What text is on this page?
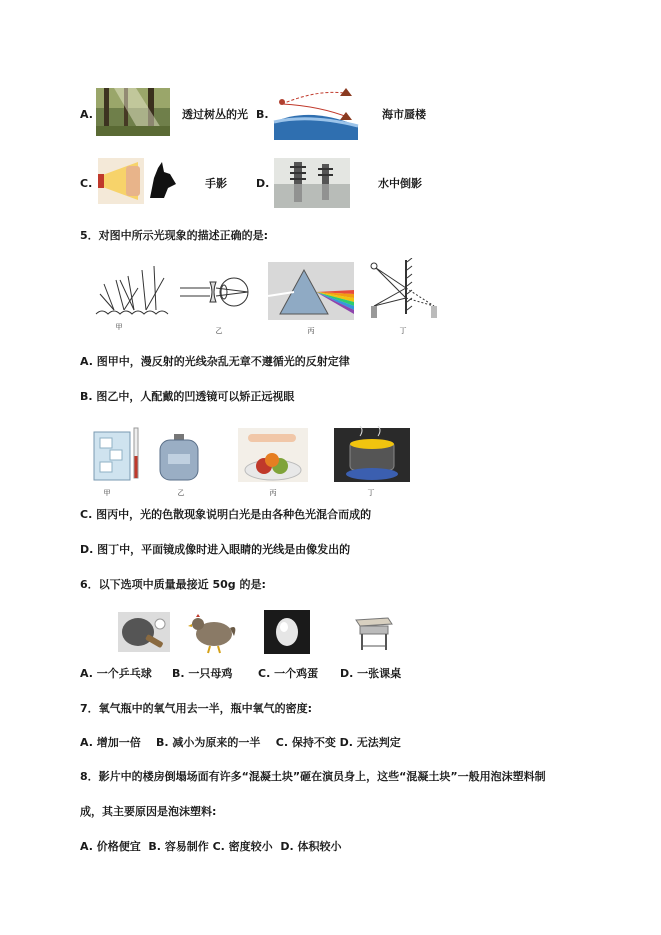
A.	透过树丛的光 B.	海市蜃楼
C.	手影	D.	水中倒影
5．对图中所示光现象的描述正确的是:
甲	乙	丙	丁
A. 图甲中，漫反射的光线杂乱无章不遵循光的反射定律
B. 图乙中，人配戴的凹透镜可以矫正远视眼
甲	乙	丙	丁
C. 图丙中，光的色散现象说明白光是由各种色光混合而成的
D. 图丁中，平面镜成像时进入眼睛的光线是由像发出的
6．以下选项中质量最接近 50g 的是:
A. 一个乒乓球 B. 一只母鸡 C. 一个鸡蛋 D. 一张课桌
7．氧气瓶中的氧气用去一半，瓶中氧气的密度:
A. 增加一倍    B. 减小为原来的一半    C. 保持不变 D. 无法判定
8．影片中的楼房倒塌场面有许多“混凝土块”砸在演员身上，这些“混凝土块”一般用泡沫塑料制
成，其主要原因是泡沫塑料:
A. 价格便宜  B. 容易制作 C. 密度较小  D. 体积较小
